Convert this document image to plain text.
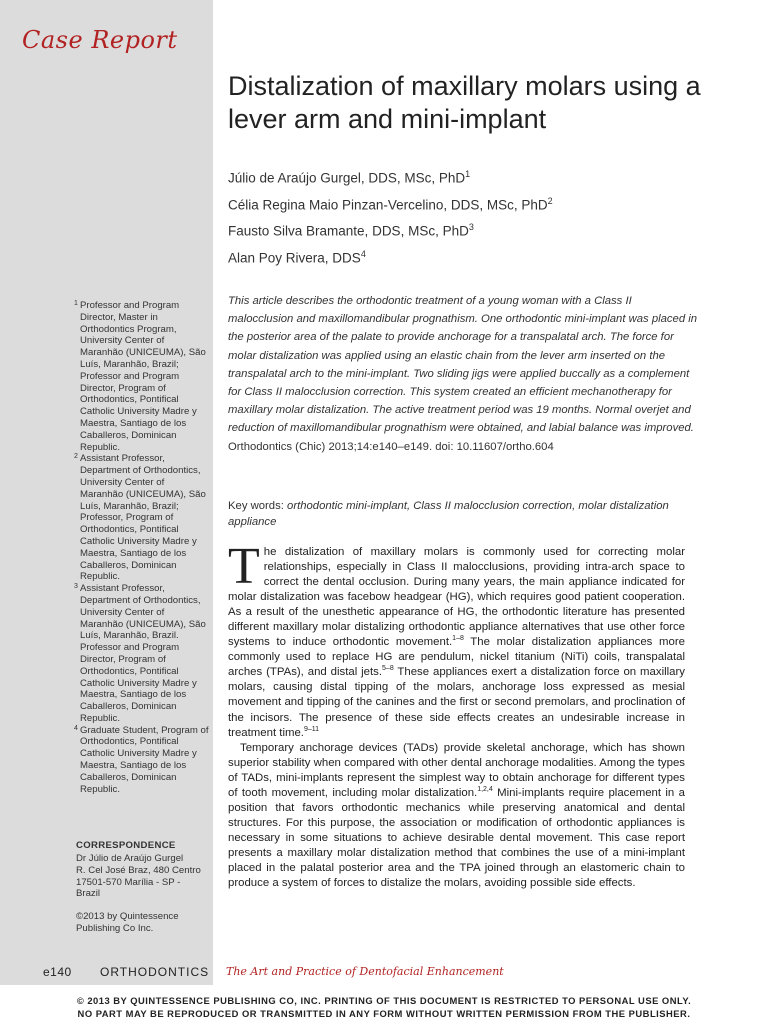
Case Report
Distalization of maxillary molars using a lever arm and mini-implant
Júlio de Araújo Gurgel, DDS, MSc, PhD$^1$
Célia Regina Maio Pinzan-Vercelino, DDS, MSc, PhD$^2$
Fausto Silva Bramante, DDS, MSc, PhD$^3$
Alan Poy Rivera, DDS$^4$
1 Professor and Program Director, Master in Orthodontics Program, University Center of Maranhão (UNICEUMA), São Luís, Maranhão, Brazil; Professor and Program Director, Program of Orthodontics, Pontifical Catholic University Madre y Maestra, Santiago de los Caballeros, Dominican Republic.
2 Assistant Professor, Department of Orthodontics, University Center of Maranhão (UNICEUMA), São Luís, Maranhão, Brazil; Professor, Program of Orthodontics, Pontifical Catholic University Madre y Maestra, Santiago de los Caballeros, Dominican Republic.
3 Assistant Professor, Department of Orthodontics, University Center of Maranhão (UNICEUMA), São Luís, Maranhão, Brazil. Professor and Program Director, Program of Orthodontics, Pontifical Catholic University Madre y Maestra, Santiago de los Caballeros, Dominican Republic.
4 Graduate Student, Program of Orthodontics, Pontifical Catholic University Madre y Maestra, Santiago de los Caballeros, Dominican Republic.
CORRESPONDENCE
Dr Júlio de Araújo Gurgel
R. Cel José Braz, 480 Centro
17501-570 Marília - SP -
Brazil
©2013 by Quintessence Publishing Co Inc.

This article describes the orthodontic treatment of a young woman with a Class II malocclusion and maxillomandibular prognathism. One orthodontic mini-implant was placed in the posterior area of the palate to provide anchorage for a transpalatal arch. The force for molar distalization was applied using an elastic chain from the lever arm inserted on the transpalatal arch to the mini-implant. Two sliding jigs were applied buccally as a complement for Class II malocclusion correction. This system created an efficient mechanotherapy for maxillary molar distalization. The active treatment period was 19 months. Normal overjet and reduction of maxillomandibular prognathism were obtained, and labial balance was improved. Orthodontics (Chic) 2013;14:e140–e149. doi: 10.11607/ortho.604

Key words: orthodontic mini-implant, Class II malocclusion correction, molar distalization appliance

The distalization of maxillary molars is commonly used for correcting molar relationships, especially in Class II malocclusions, providing intra-arch space to correct the dental occlusion. During many years, the main appliance indicated for molar distalization was facebow headgear (HG), which requires good patient cooperation. As a result of the unesthetic appearance of HG, the orthodontic literature has presented different maxillary molar distalizing orthodontic appliance alternatives that use other force systems to induce orthodontic movement.$^{1-8}$ The molar distalization appliances more commonly used to replace HG are pendulum, nickel titanium (NiTi) coils, transpalatal arches (TPAs), and distal jets.$^{5-8}$ These appliances exert a distalization force on maxillary molars, causing distal tipping of the molars, anchorage loss expressed as mesial movement and tipping of the canines and the first or second premolars, and proclination of the incisors. The presence of these side effects creates an undesirable increase in treatment time.$^{9-11}$

Temporary anchorage devices (TADs) provide skeletal anchorage, which has shown superior stability when compared with other dental anchorage modalities. Among the types of TADs, mini-implants represent the simplest way to obtain anchorage for different types of tooth movement, including molar distalization.$^{1,2,4}$ Mini-implants require placement in a position that favors orthodontic mechanics while preserving anatomical and dental structures. For this purpose, the association or modification of orthodontic appliances is necessary in some situations to achieve desirable dental movement. This case report presents a maxillary molar distalization method that combines the use of a mini-implant placed in the palatal posterior area and the TPA joined through an elastomeric chain to produce a system of forces to distalize the molars, avoiding possible side effects.

e140 ORTHODONTICS The Art and Practice of Dentofacial Enhancement
© 2013 BY QUINTESSENCE PUBLISHING CO, INC. PRINTING OF THIS DOCUMENT IS RESTRICTED TO PERSONAL USE ONLY.
NO PART MAY BE REPRODUCED OR TRANSMITTED IN ANY FORM WITHOUT WRITTEN PERMISSION FROM THE PUBLISHER.
